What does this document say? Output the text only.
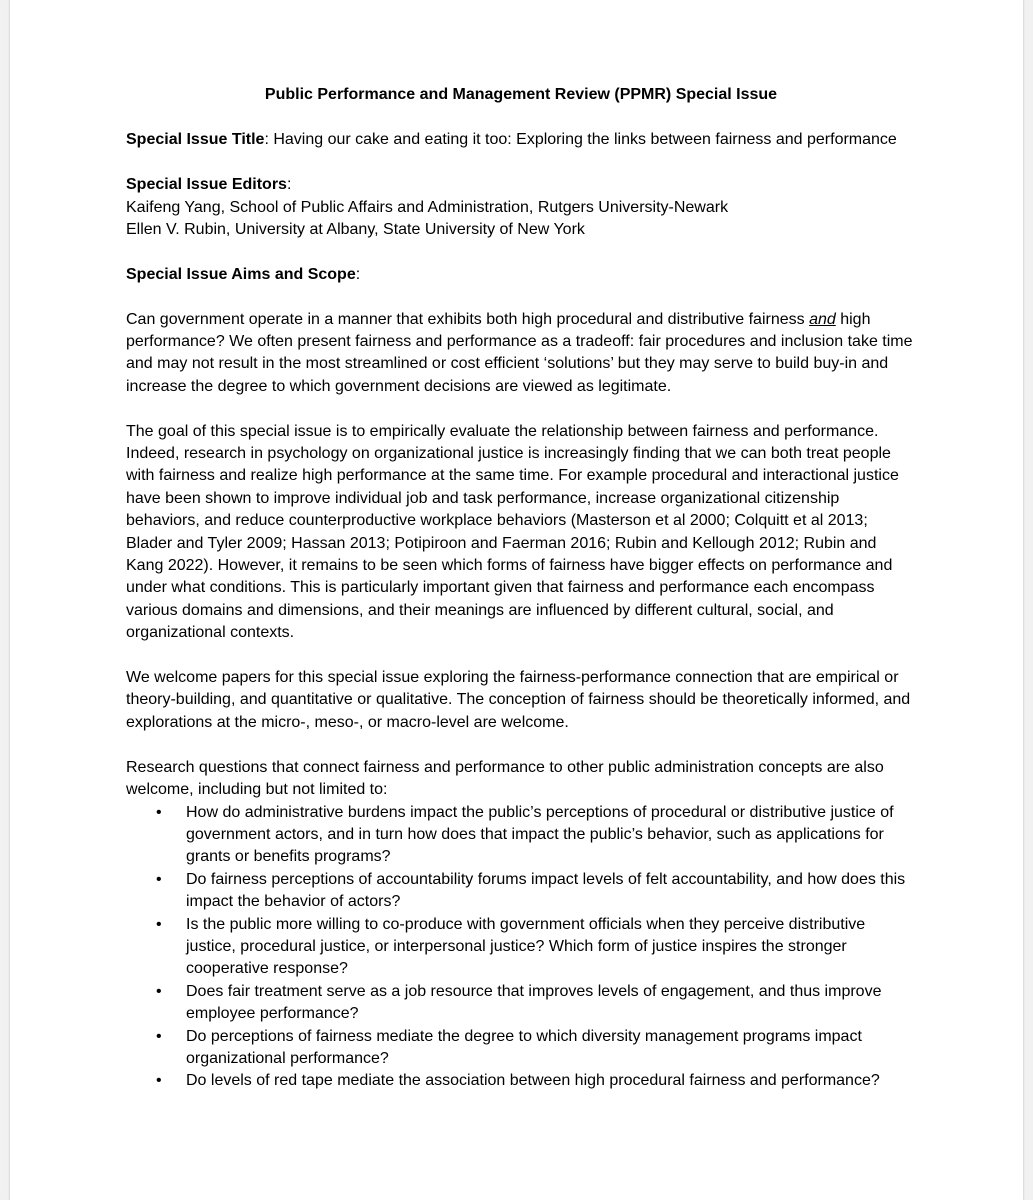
Public Performance and Management Review (PPMR) Special Issue

Special Issue Title: Having our cake and eating it too: Exploring the links between fairness and performance

Special Issue Editors:
Kaifeng Yang, School of Public Affairs and Administration, Rutgers University-Newark
Ellen V. Rubin, University at Albany, State University of New York

Special Issue Aims and Scope:

Can government operate in a manner that exhibits both high procedural and distributive fairness and high performance? We often present fairness and performance as a tradeoff: fair procedures and inclusion take time and may not result in the most streamlined or cost efficient ‘solutions’ but they may serve to build buy-in and increase the degree to which government decisions are viewed as legitimate.

The goal of this special issue is to empirically evaluate the relationship between fairness and performance. Indeed, research in psychology on organizational justice is increasingly finding that we can both treat people with fairness and realize high performance at the same time. For example procedural and interactional justice have been shown to improve individual job and task performance, increase organizational citizenship behaviors, and reduce counterproductive workplace behaviors (Masterson et al 2000; Colquitt et al 2013; Blader and Tyler 2009; Hassan 2013; Potipiroon and Faerman 2016; Rubin and Kellough 2012; Rubin and Kang 2022). However, it remains to be seen which forms of fairness have bigger effects on performance and under what conditions. This is particularly important given that fairness and performance each encompass various domains and dimensions, and their meanings are influenced by different cultural, social, and organizational contexts.

We welcome papers for this special issue exploring the fairness-performance connection that are empirical or theory-building, and quantitative or qualitative. The conception of fairness should be theoretically informed, and explorations at the micro-, meso-, or macro-level are welcome.

Research questions that connect fairness and performance to other public administration concepts are also welcome, including but not limited to:

• How do administrative burdens impact the public’s perceptions of procedural or distributive justice of government actors, and in turn how does that impact the public’s behavior, such as applications for grants or benefits programs?
• Do fairness perceptions of accountability forums impact levels of felt accountability, and how does this impact the behavior of actors?
• Is the public more willing to co-produce with government officials when they perceive distributive justice, procedural justice, or interpersonal justice? Which form of justice inspires the stronger cooperative response?
• Does fair treatment serve as a job resource that improves levels of engagement, and thus improve employee performance?
• Do perceptions of fairness mediate the degree to which diversity management programs impact organizational performance?
• Do levels of red tape mediate the association between high procedural fairness and performance?
